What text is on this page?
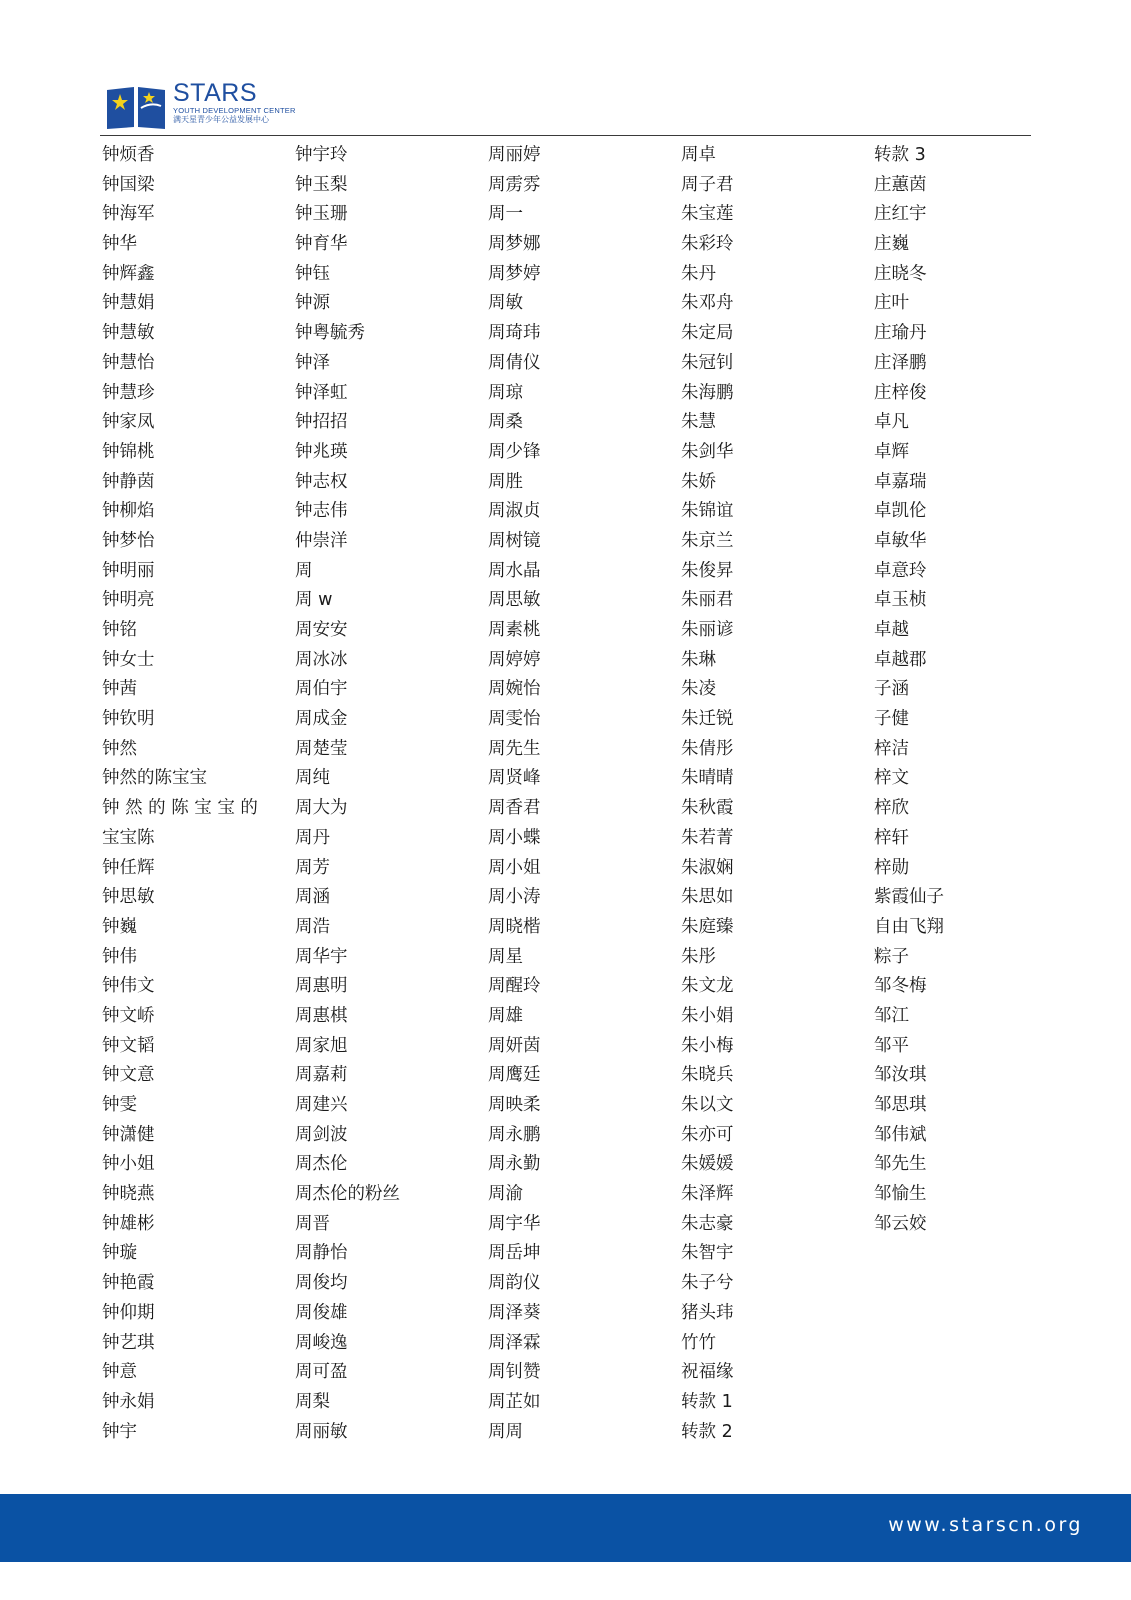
STARS
YOUTH DEVELOPMENT CENTER
满天星青少年公益发展中心
钟烦香
钟国梁
钟海军
钟华
钟辉鑫
钟慧娟
钟慧敏
钟慧怡
钟慧珍
钟家凤
钟锦桃
钟静茵
钟柳焰
钟梦怡
钟明丽
钟明亮
钟铭
钟女士
钟茜
钟钦明
钟然
钟然的陈宝宝
钟 然 的 陈 宝 宝 的
宝宝陈
钟任辉
钟思敏
钟巍
钟伟
钟伟文
钟文峤
钟文韬
钟文意
钟雯
钟潇健
钟小姐
钟晓燕
钟雄彬
钟璇
钟艳霞
钟仰期
钟艺琪
钟意
钟永娟
钟宇
钟宇玲
钟玉梨
钟玉珊
钟育华
钟钰
钟源
钟粤毓秀
钟泽
钟泽虹
钟招招
钟兆瑛
钟志权
钟志伟
仲崇洋
周
周 w
周安安
周冰冰
周伯宇
周成金
周楚莹
周纯
周大为
周丹
周芳
周涵
周浩
周华宇
周惠明
周惠棋
周家旭
周嘉莉
周建兴
周剑波
周杰伦
周杰伦的粉丝
周晋
周静怡
周俊均
周俊雄
周峻逸
周可盈
周梨
周丽敏
周丽婷
周雳雰
周一
周梦娜
周梦婷
周敏
周琦玮
周倩仪
周琼
周桑
周少锋
周胜
周淑贞
周树镜
周水晶
周思敏
周素桃
周婷婷
周婉怡
周雯怡
周先生
周贤峰
周香君
周小蝶
周小姐
周小涛
周晓楷
周星
周醒玲
周雄
周妍茵
周鹰廷
周映柔
周永鹏
周永勤
周渝
周宇华
周岳坤
周韵仪
周泽葵
周泽霖
周钊赞
周芷如
周周
周卓
周子君
朱宝莲
朱彩玲
朱丹
朱邓舟
朱定局
朱冠钊
朱海鹏
朱慧
朱剑华
朱娇
朱锦谊
朱京兰
朱俊昇
朱丽君
朱丽谚
朱琳
朱凌
朱迁锐
朱倩彤
朱晴晴
朱秋霞
朱若菁
朱淑娴
朱思如
朱庭臻
朱彤
朱文龙
朱小娟
朱小梅
朱晓兵
朱以文
朱亦可
朱媛媛
朱泽辉
朱志豪
朱智宇
朱子兮
猪头玮
竹竹
祝福缘
转款 1
转款 2
转款 3
庄蕙茵
庄红宇
庄巍
庄晓冬
庄叶
庄瑜丹
庄泽鹏
庄梓俊
卓凡
卓辉
卓嘉瑞
卓凯伦
卓敏华
卓意玲
卓玉桢
卓越
卓越郡
子涵
子健
梓洁
梓文
梓欣
梓轩
梓勋
紫霞仙子
自由飞翔
粽子
邹冬梅
邹江
邹平
邹汝琪
邹思琪
邹伟斌
邹先生
邹愉生
邹云姣
www.starscn.org
